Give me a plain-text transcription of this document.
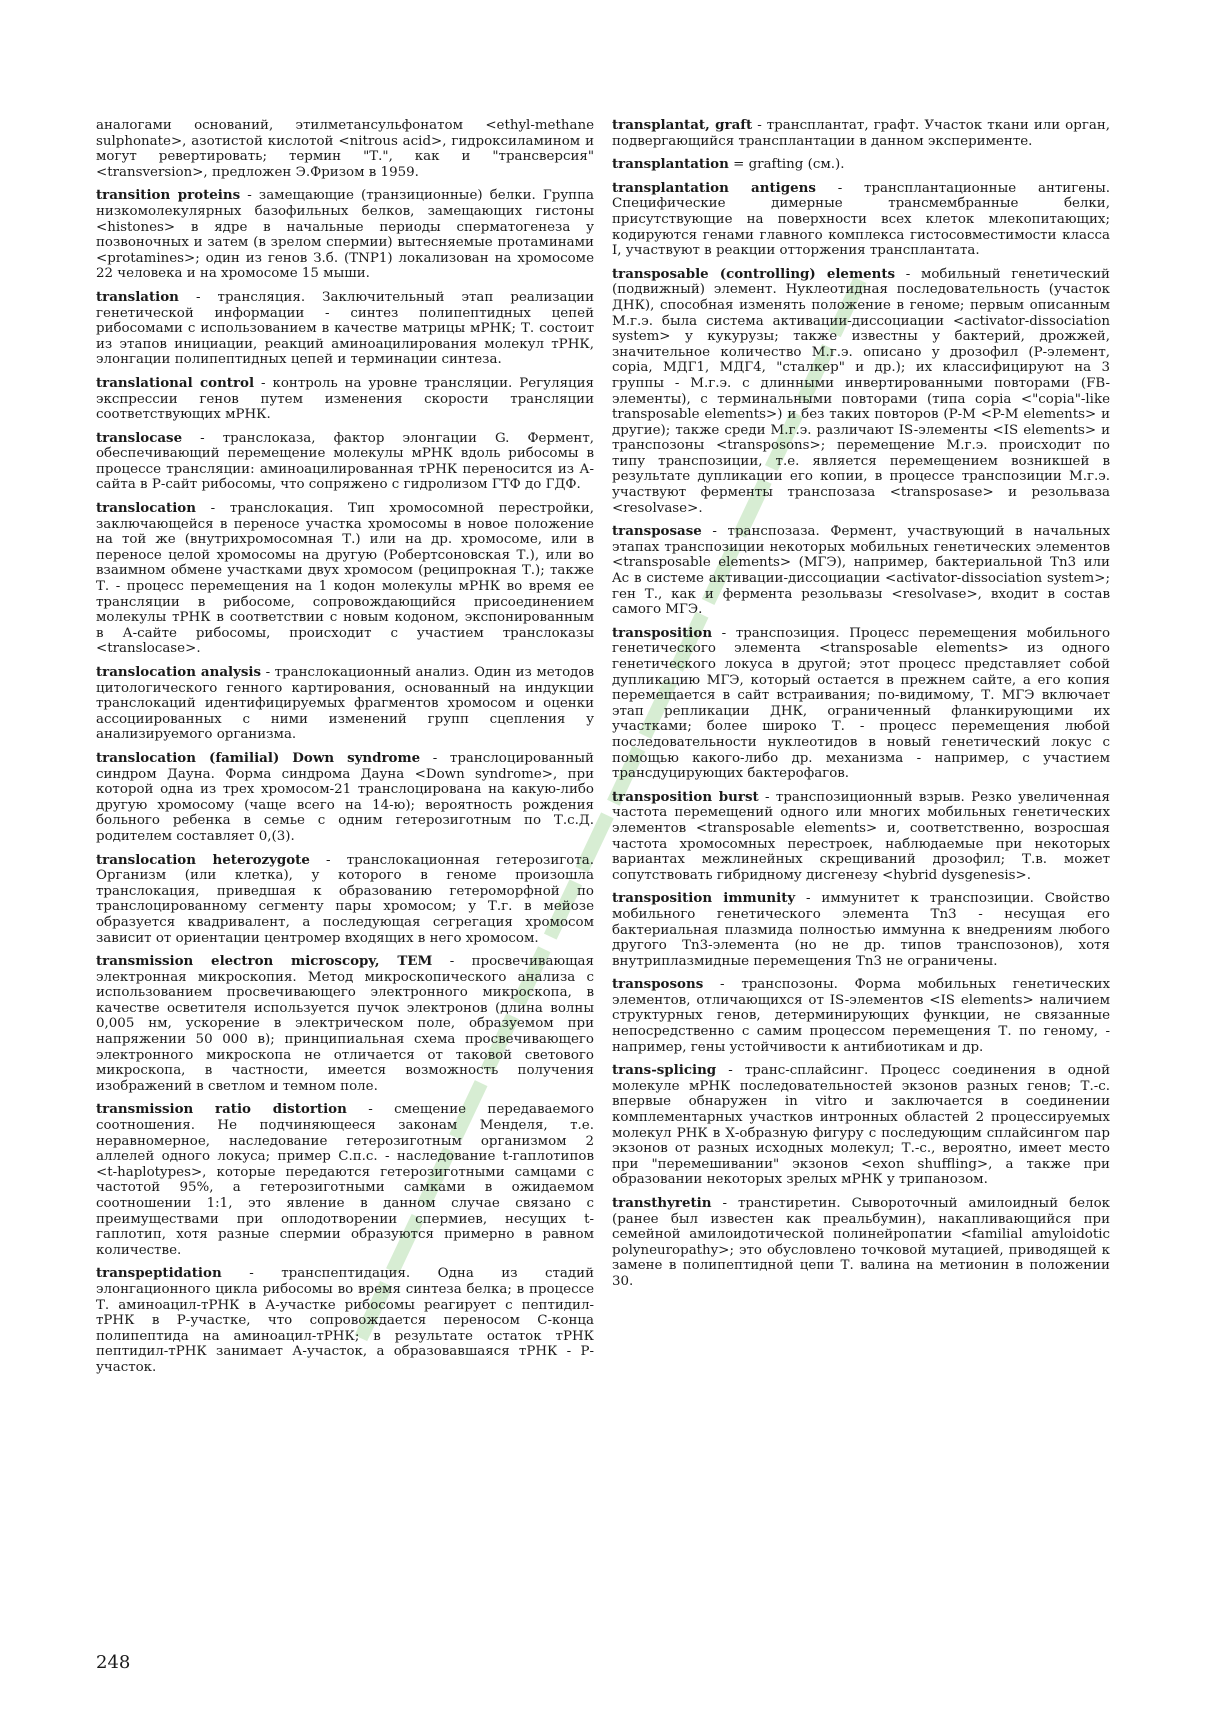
аналогами оснований, этилметансульфонатом <ethyl-methane sulphonate>, азотистой кислотой <nitrous acid>, гидроксиламином и могут ревертировать; термин "Т.", как и "трансверсия" <transversion>, предложен Э.Фризом в 1959.

transition proteins - замещающие (транзиционные) белки. Группа низкомолекулярных базофильных белков, замещающих гистоны <histones> в ядре в начальные периоды сперматогенеза у позвоночных и затем (в зрелом спермии) вытесняемые протаминами <protamines>; один из генов З.б. (TNP1) локализован на хромосоме 22 человека и на хромосоме 15 мыши.

translation - трансляция. Заключительный этап реализации генетической информации - синтез полипептидных цепей рибосомами с использованием в качестве матрицы мРНК; Т. состоит из этапов инициации, реакций аминоацилирования молекул тРНК, элонгации полипептидных цепей и терминации синтеза.

translational control - контроль на уровне трансляции. Регуляция экспрессии генов путем изменения скорости трансляции соответствующих мРНК.

translocase - транслоказа, фактор элонгации G. Фермент, обеспечивающий перемещение молекулы мРНК вдоль рибосомы в процессе трансляции: аминоацилированная тРНК переносится из А-сайта в Р-сайт рибосомы, что сопряжено с гидролизом ГТФ до ГДФ.

translocation - транслокация. Тип хромосомной перестройки, заключающейся в переносе участка хромосомы в новое положение на той же (внутрихромосомная Т.) или на др. хромосоме, или в переносе целой хромосомы на другую (Робертсоновская Т.), или во взаимном обмене участками двух хромосом (реципрокная Т.); также Т. - процесс перемещения на 1 кодон молекулы мРНК во время ее трансляции в рибосоме, сопровождающийся присоединением молекулы тРНК в соответствии с новым кодоном, экспонированным в А-сайте рибосомы, происходит с участием транслоказы <translocase>.

translocation analysis - транслокационный анализ. Один из методов цитологического генного картирования, основанный на индукции транслокаций идентифицируемых фрагментов хромосом и оценки ассоциированных с ними изменений групп сцепления у анализируемого организма.

translocation (familial) Down syndrome - транслоцированный синдром Дауна. Форма синдрома Дауна <Down syndrome>, при которой одна из трех хромосом-21 транслоцирована на какую-либо другую хромосому (чаще всего на 14-ю); вероятность рождения больного ребенка в семье с одним гетерозиготным по Т.с.Д. родителем составляет 0,(3).

translocation heterozygote - транслокационная гетерозигота. Организм (или клетка), у которого в геноме произошла транслокация, приведшая к образованию гетероморфной по транслоцированному сегменту пары хромосом; у Т.г. в мейозе образуется квадривалент, а последующая сегрегация хромосом зависит от ориентации центромер входящих в него хромосом.

transmission electron microscopy, TEM - просвечивающая электронная микроскопия. Метод микроскопического анализа с использованием просвечивающего электронного микроскопа, в качестве осветителя используется пучок электронов (длина волны 0,005 нм, ускорение в электрическом поле, образуемом при напряжении 50 000 в); принципиальная схема просвечивающего электронного микроскопа не отличается от таковой светового микроскопа, в частности, имеется возможность получения изображений в светлом и темном поле.

transmission ratio distortion - смещение передаваемого соотношения. Не подчиняющееся законам Менделя, т.е. неравномерное, наследование гетерозиготным организмом 2 аллелей одного локуса; пример С.п.с. - наследование t-гаплотипов <t-haplotypes>, которые передаются гетерозиготными самцами с частотой 95%, а гетерозиготными самками в ожидаемом соотношении 1:1, это явление в данном случае связано с преимуществами при оплодотворении спермиев, несущих t-гаплотип, хотя разные спермии образуются примерно в равном количестве.

transpeptidation - транспептидация. Одна из стадий элонгационного цикла рибосомы во время синтеза белка; в процессе Т. аминоацил-тРНК в А-участке рибосомы реагирует с пептидил-тРНК в Р-участке, что сопровождается переносом С-конца полипептида на аминоацил-тРНК; в результате остаток тРНК пептидил-тРНК занимает А-участок, а образовавшаяся тРНК - Р-участок.

transplantat, graft - трансплантат, графт. Участок ткани или орган, подвергающийся трансплантации в данном эксперименте.

transplantation = grafting (см.).

transplantation antigens - трансплантационные антигены. Специфические димерные трансмембранные белки, присутствующие на поверхности всех клеток млекопитающих; кодируются генами главного комплекса гистосовместимости класса I, участвуют в реакции отторжения трансплантата.

transposable (controlling) elements - мобильный генетический (подвижный) элемент. Нуклеотидная последовательность (участок ДНК), способная изменять положение в геноме; первым описанным М.г.э. была система активации-диссоциации <activator-dissociation system> у кукурузы; также известны у бактерий, дрожжей, значительное количество М.г.э. описано у дрозофил (Р-элемент, copia, МДГ1, МДГ4, "сталкер" и др.); их классифицируют на 3 группы - М.г.э. с длинными инвертированными повторами (FB-элементы), с терминальными повторами (типа copia <"copia"-like transposable elements>) и без таких повторов (Р-М <P-M elements> и другие); также среди М.г.э. различают IS-элементы <IS elements> и транспозоны <transposons>; перемещение М.г.э. происходит по типу транспозиции, т.е. является перемещением возникшей в результате дупликации его копии, в процессе транспозиции М.г.э. участвуют ферменты транспозаза <transposase> и резольваза <resolvase>.

transposase - транспозаза. Фермент, участвующий в начальных этапах транспозиции некоторых мобильных генетических элементов <transposable elements> (МГЭ), например, бактериальной Tn3 или Ac в системе активации-диссоциации <activator-dissociation system>; ген Т., как и фермента резольвазы <resolvase>, входит в состав самого МГЭ.

transposition - транспозиция. Процесс перемещения мобильного генетического элемента <transposable elements> из одного генетического локуса в другой; этот процесс представляет собой дупликацию МГЭ, который остается в прежнем сайте, а его копия перемещается в сайт встраивания; по-видимому, Т. МГЭ включает этап репликации ДНК, ограниченный фланкирующими их участками; более широко Т. - процесс перемещения любой последовательности нуклеотидов в новый генетический локус с помощью какого-либо др. механизма - например, с участием трансдуцирующих бактерофагов.

transposition burst - транспозиционный взрыв. Резко увеличенная частота перемещений одного или многих мобильных генетических элементов <transposable elements> и, соответственно, возросшая частота хромосомных перестроек, наблюдаемые при некоторых вариантах межлинейных скрещиваний дрозофил; Т.в. может сопутствовать гибридному дисгенезу <hybrid dysgenesis>.

transposition immunity - иммунитет к транспозиции. Свойство мобильного генетического элемента Tn3 - несущая его бактериальная плазмида полностью иммунна к внедрениям любого другого Tn3-элемента (но не др. типов транспозонов), хотя внутриплазмидные перемещения Tn3 не ограничены.

transposons - транспозоны. Форма мобильных генетических элементов, отличающихся от IS-элементов <IS elements> наличием структурных генов, детерминирующих функции, не связанные непосредственно с самим процессом перемещения Т. по геному, - например, гены устойчивости к антибиотикам и др.

trans-splicing - транс-сплайсинг. Процесс соединения в одной молекуле мРНК последовательностей экзонов разных генов; Т.-с. впервые обнаружен in vitro и заключается в соединении комплементарных участков интронных областей 2 процессируемых молекул РНК в Х-образную фигуру с последующим сплайсингом пар экзонов от разных исходных молекул; Т.-с., вероятно, имеет место при "перемешивании" экзонов <exon shuffling>, а также при образовании некоторых зрелых мРНК у трипанозом.

transthyretin - транстиретин. Сывороточный амилоидный белок (ранее был известен как преальбумин), накапливающийся при семейной амилоидотической полинейропатии <familial amyloidotic polyneuropathy>; это обусловлено точковой мутацией, приводящей к замене в полипептидной цепи Т. валина на метионин в положении 30.

248
